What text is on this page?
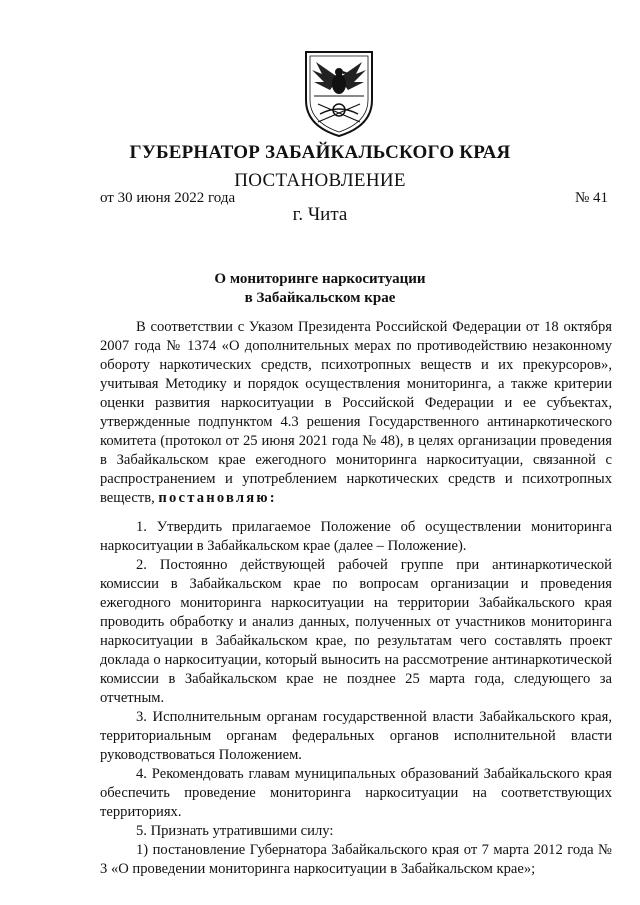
ГУБЕРНАТОР ЗАБАЙКАЛЬСКОГО КРАЯ
ПОСТАНОВЛЕНИЕ
от 30 июня 2022 года	№ 41
г. Чита
О мониторинге наркоситуации
в Забайкальском крае

В соответствии с Указом Президента Российской Федерации от 18 октября 2007 года № 1374 «О дополнительных мерах по противодействию незаконному обороту наркотических средств, психотропных веществ и их прекурсоров», учитывая Методику и порядок осуществления мониторинга, а также критерии оценки развития наркоситуации в Российской Федерации и ее субъектах, утвержденные подпунктом 4.3 решения Государственного антинаркотического комитета (протокол от 25 июня 2021 года № 48), в целях организации проведения в Забайкальском крае ежегодного мониторинга наркоситуации, связанной с распространением и употреблением наркотических средств и психотропных веществ, постановляю:

1. Утвердить прилагаемое Положение об осуществлении мониторинга наркоситуации в Забайкальском крае (далее – Положение).

2. Постоянно действующей рабочей группе при антинаркотической комиссии в Забайкальском крае по вопросам организации и проведения ежегодного мониторинга наркоситуации на территории Забайкальского края проводить обработку и анализ данных, полученных от участников мониторинга наркоситуации в Забайкальском крае, по результатам чего составлять проект доклада о наркоситуации, который выносить на рассмотрение антинаркотической комиссии в Забайкальском крае не позднее 25 марта года, следующего за отчетным.

3. Исполнительным органам государственной власти Забайкальского края, территориальным органам федеральных органов исполнительной власти руководствоваться Положением.

4. Рекомендовать главам муниципальных образований Забайкальского края обеспечить проведение мониторинга наркоситуации на соответствующих территориях.

5. Признать утратившими силу:

1) постановление Губернатора Забайкальского края от 7 марта 2012 года № 3 «О проведении мониторинга наркоситуации в Забайкальском крае»;
